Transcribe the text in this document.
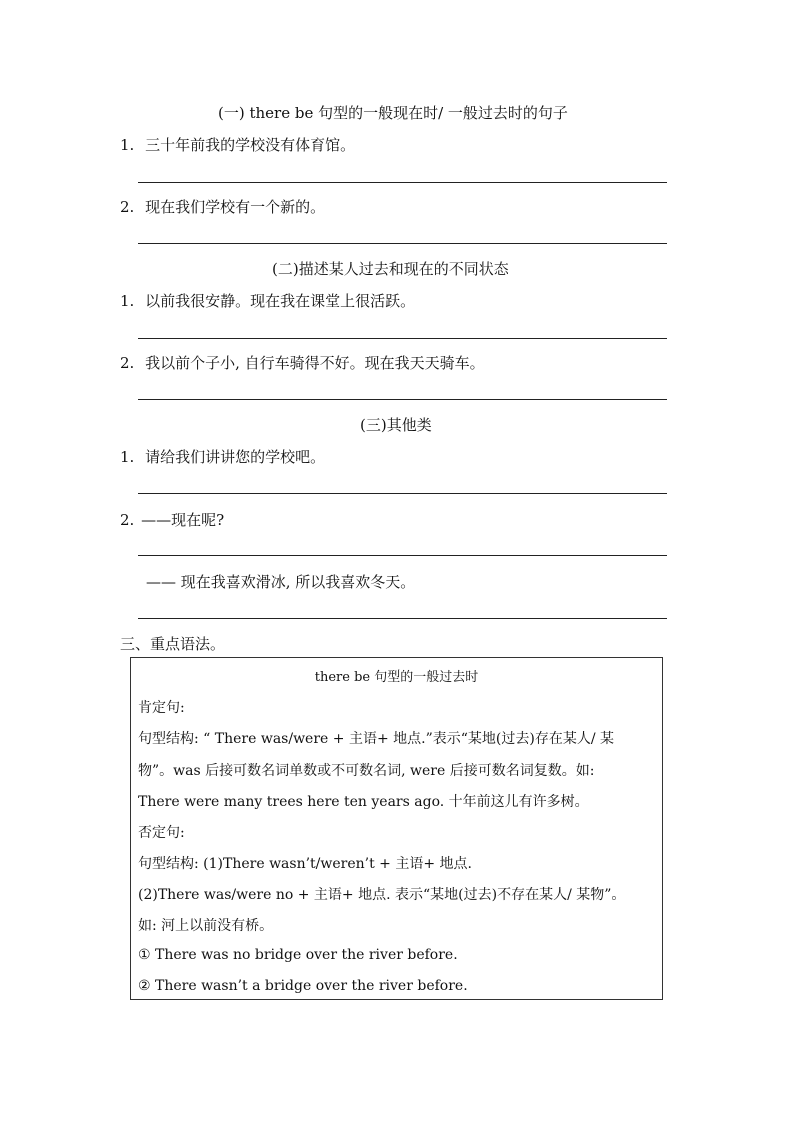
(一) there be 句型的一般现在时/ 一般过去时的句子
1. 三十年前我的学校没有体育馆。
2. 现在我们学校有一个新的。
(二)描述某人过去和现在的不同状态
1. 以前我很安静。现在我在课堂上很活跃。
2. 我以前个子小, 自行车骑得不好。现在我天天骑车。
(三)其他类
1. 请给我们讲讲您的学校吧。
2. ——现在呢?
—— 现在我喜欢滑冰, 所以我喜欢冬天。
三、重点语法。
there be 句型的一般过去时
肯定句:
句型结构: “ There was/were + 主语+ 地点.”表示“某地(过去)存在某人/ 某
物”。was 后接可数名词单数或不可数名词, were 后接可数名词复数。如:
There were many trees here ten years ago. 十年前这儿有许多树。
否定句:
句型结构: (1)There wasn’t/weren’t + 主语+ 地点.
(2)There was/were no + 主语+ 地点. 表示“某地(过去)不存在某人/ 某物”。
如: 河上以前没有桥。
① There was no bridge over the river before.
② There wasn’t a bridge over the river before.
